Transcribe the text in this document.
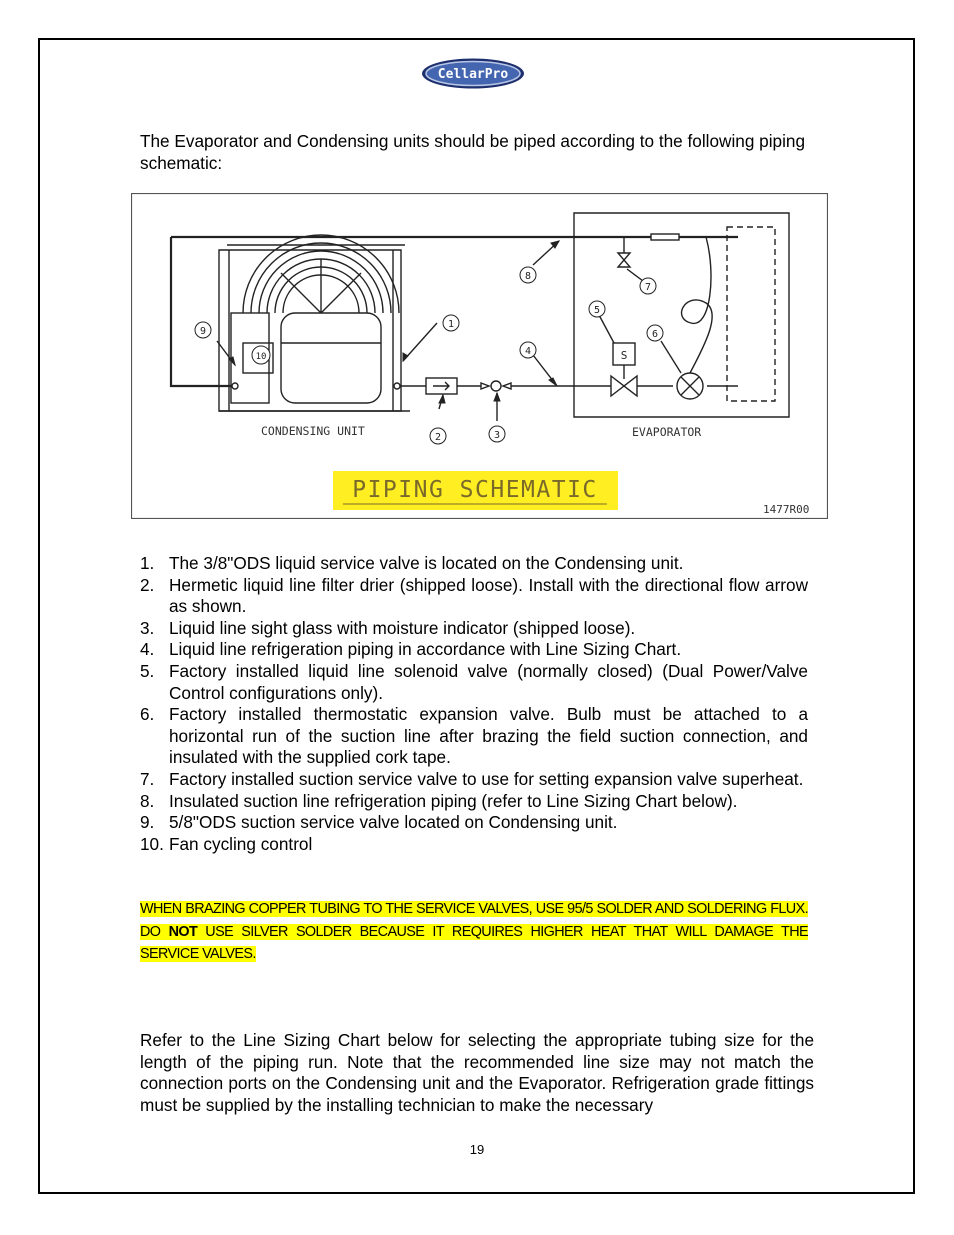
CellarPro
The Evaporator and Condensing units should be piped according to the following piping schematic:
1
2	3
4
5
6
7
8
9
10	S
CONDENSING UNIT	EVAPORATOR
PIPING SCHEMATIC
1477R00
1. The 3/8"ODS liquid service valve is located on the Condensing unit.
2. Hermetic liquid line filter drier (shipped loose). Install with the directional flow arrow as shown.
3. Liquid line sight glass with moisture indicator (shipped loose).
4. Liquid line refrigeration piping in accordance with Line Sizing Chart.
5. Factory installed liquid line solenoid valve (normally closed) (Dual Power/Valve Control configurations only).
6. Factory installed thermostatic expansion valve. Bulb must be attached to a horizontal run of the suction line after brazing the field suction connection, and insulated with the supplied cork tape.
7. Factory installed suction service valve to use for setting expansion valve superheat.
8. Insulated suction line refrigeration piping (refer to Line Sizing Chart below).
9. 5/8"ODS suction service valve located on Condensing unit.
10. Fan cycling control
WHEN BRAZING COPPER TUBING TO THE SERVICE VALVES, USE 95/5 SOLDER AND SOLDERING FLUX. DO NOT USE SILVER SOLDER BECAUSE IT REQUIRES HIGHER HEAT THAT WILL DAMAGE THE SERVICE VALVES.
Refer to the Line Sizing Chart below for selecting the appropriate tubing size for the length of the piping run. Note that the recommended line size may not match the connection ports on the Condensing unit and the Evaporator. Refrigeration grade fittings must be supplied by the installing technician to make the necessary
19
